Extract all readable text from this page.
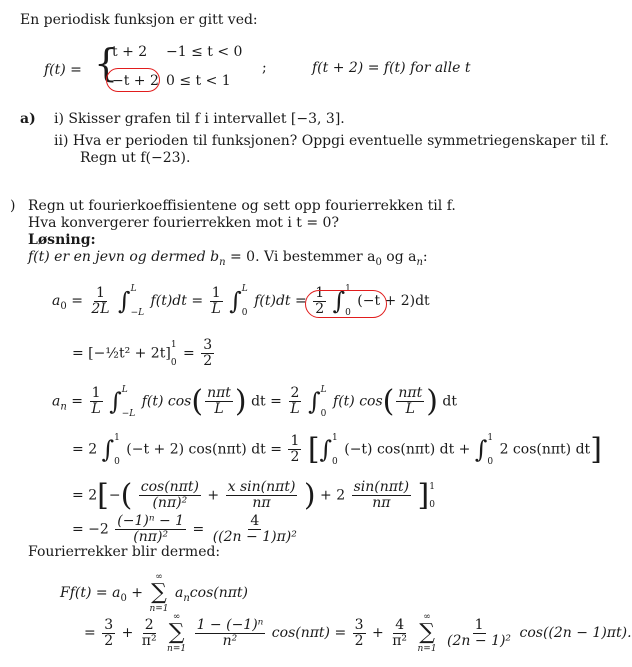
En periodisk funksjon er gitt ved:
f(t) = {
t + 2 −1 ≤ t < 0
−t + 2 0 ≤ t < 1
;	f(t + 2) = f(t) for alle t
a) i) Skisser grafen til f i intervallet [−3, 3].
ii) Hva er perioden til funksjonen? Oppgi eventuelle symmetriegenskaper til f.
Regn ut f(−23).
) Regn ut fourierkoeffisientene og sett opp fourierrekken til f.
Hva konvergerer fourierrekken mot i t = 0?
Løsning:
f(t) er en jevn og dermed $b_n = 0$. Vi bestemmer $a_0$ og $a_n$:
$a_0 = \frac{1}{2L}$ ∫ L
−L
$f(t)dt = \frac{1}{L}$ ∫ L
0
$f(t)dt = \frac{1}{2}$ ∫ 1
0
(−t + 2)dt
= [−½t² + 2t]
1
0
= $\frac{3}{2}$
$a_n = \frac{1}{L}$ ∫ L
−L
f(t) $\cos( \frac{\text{nπt}}{L}$ ) dt = $\frac{2}{L}$ ∫ L
0
f(t) $\cos( \frac{\text{nπt}}{L}$ ) dt
= 2 ∫ 1
0
(−t + 2) cos(nπt) dt = $\frac{1}{2}$ [∫ 1
0
(−t) cos(nπt) dt + ∫ 1
0
2 cos(nπt) dt]
= $2[-( \frac{\text{cos(nπt)}}{\text{(nπ)²}} + \frac{\text{x sin(nπt)}}{n\pi}$ ) + $2 \frac{\text{sin(nπt)}}{n\pi}$ ] 1
0
= $-2 \frac{\text{(−1)ⁿ − 1}}{\text{(nπ)²}} = \frac{4}{\text{((2n − 1)π)²}}$
Fourierrekker blir dermed:
$Ff(t) = a_0$ +
∞
∑
n=1
$a_n\cos(n\pi t)$
= $\frac{3}{2} + \frac{2}{\text{π²}}$

∞
∑
n=1

$\frac{\text{1 − (−1)ⁿ}}{\text{n²}} \cos(n\pi t) = \frac{3}{2} + \frac{4}{\text{π²}}$

∞
∑
n=1

$\frac{1}{\text{(2n − 1)²}} \cos((2n - 1)\pi t)$.
